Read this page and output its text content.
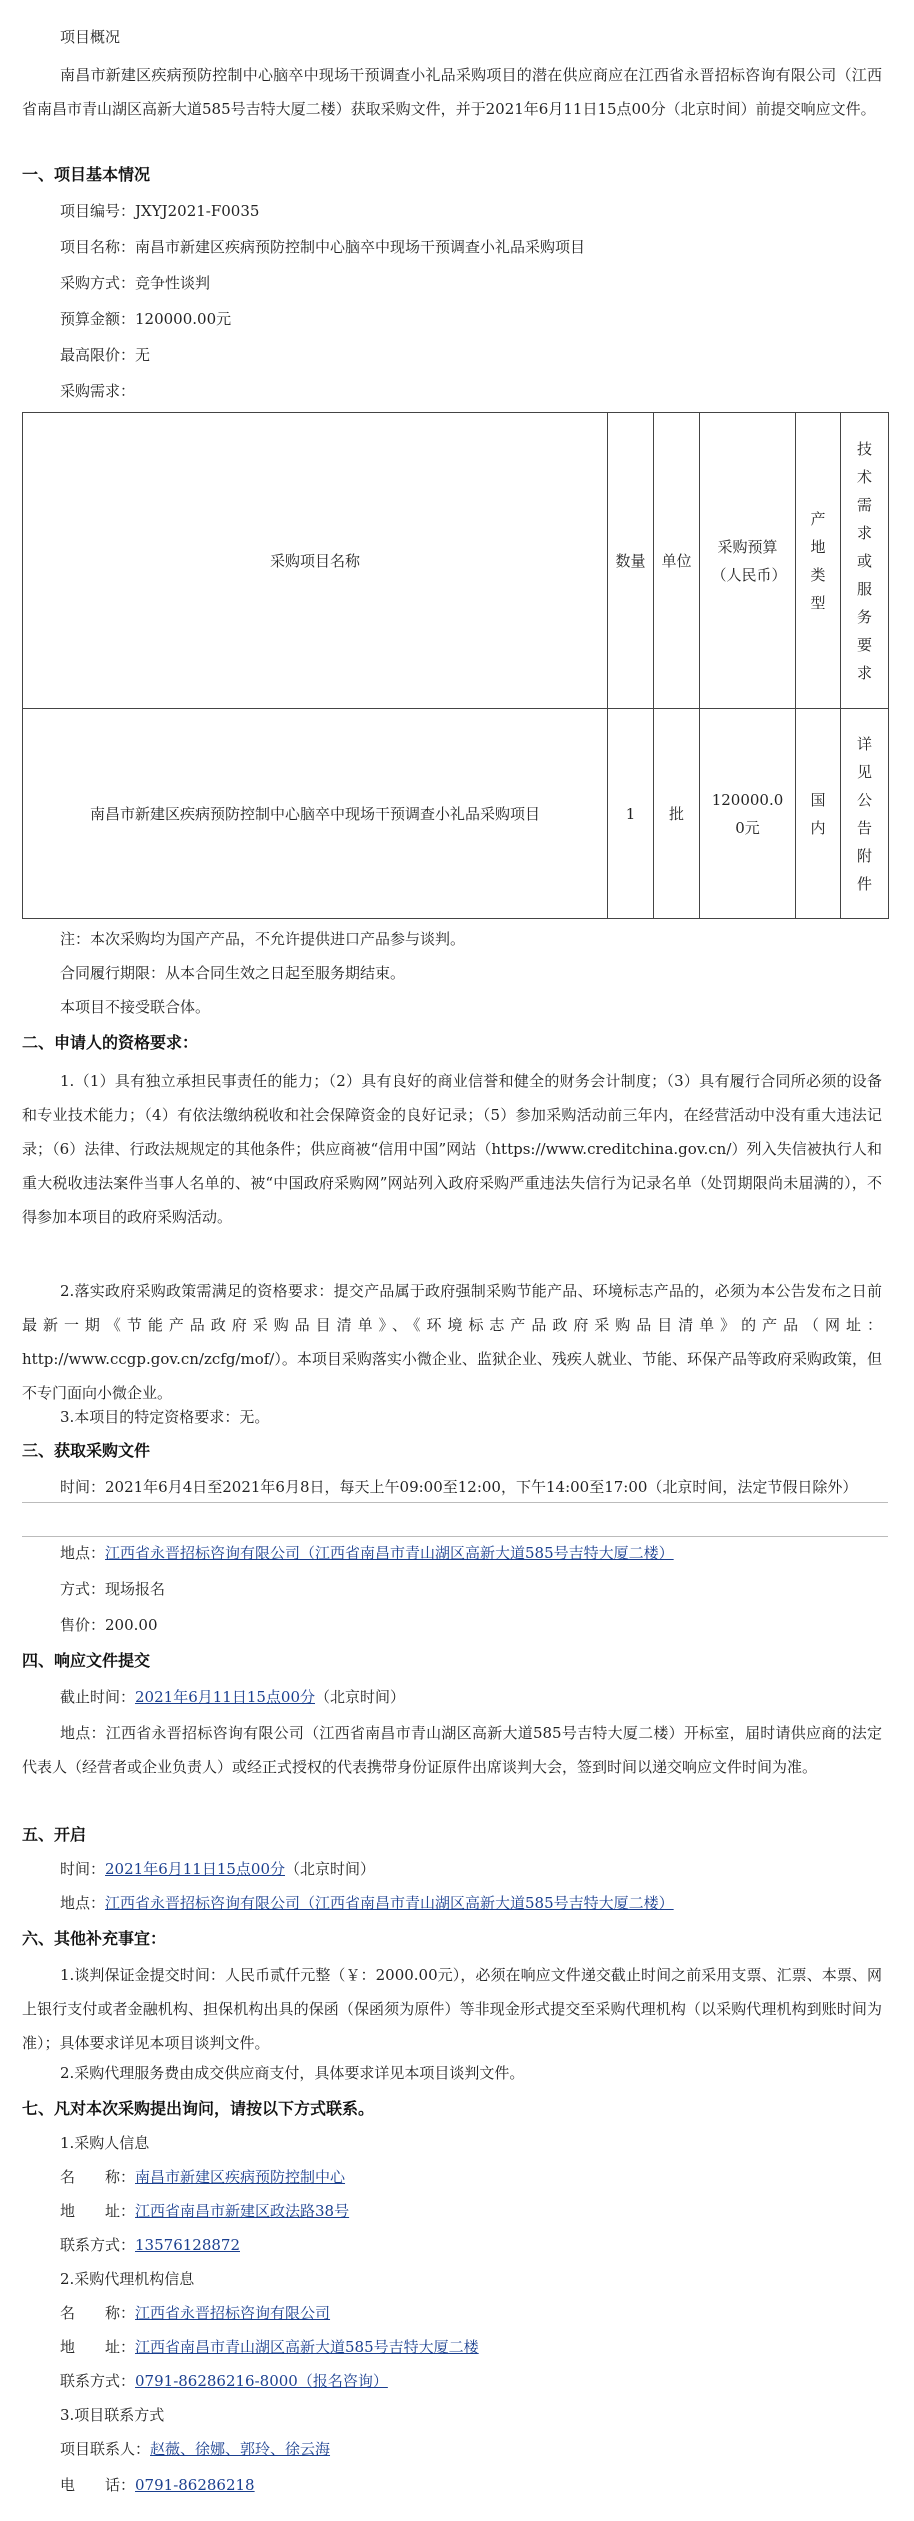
项目概况
南昌市新建区疾病预防控制中心脑卒中现场干预调查小礼品采购项目的潜在供应商应在江西省永晋招标咨询有限公司（江西省南昌市青山湖区高新大道585号吉特大厦二楼）获取采购文件，并于2021年6月11日15点00分（北京时间）前提交响应文件。
一、项目基本情况
项目编号：JXYJ2021-F0035
项目名称：南昌市新建区疾病预防控制中心脑卒中现场干预调查小礼品采购项目
采购方式：竞争性谈判
预算金额：120000.00元
最高限价：无
采购需求：
采购项目名称	数量	单位	采购预算（人民币）	产地类型	技术需求或服务要求

南昌市新建区疾病预防控制中心脑卒中现场干预调查小礼品采购项目	1	批	120000.00元	国内	详见公告附件
注：本次采购均为国产产品，不允许提供进口产品参与谈判。
合同履行期限：从本合同生效之日起至服务期结束。
本项目不接受联合体。
二、申请人的资格要求：
1.（1）具有独立承担民事责任的能力；（2）具有良好的商业信誉和健全的财务会计制度；（3）具有履行合同所必须的设备和专业技术能力；（4）有依法缴纳税收和社会保障资金的良好记录；（5）参加采购活动前三年内，在经营活动中没有重大违法记录；（6）法律、行政法规规定的其他条件；供应商被“信用中国”网站（https://www.creditchina.gov.cn/）列入失信被执行人和重大税收违法案件当事人名单的、被“中国政府采购网”网站列入政府采购严重违法失信行为记录名单（处罚期限尚未届满的），不得参加本项目的政府采购活动。
2.落实政府采购政策需满足的资格要求：提交产品属于政府强制采购节能产品、环境标志产品的，必须为本公告发布之日前最新一期《节能产品政府采购品目清单》、《环境标志产品政府采购品目清单》的产品（网址：http://www.ccgp.gov.cn/zcfg/mof/）。本项目采购落实小微企业、监狱企业、残疾人就业、节能、环保产品等政府采购政策，但不专门面向小微企业。
3.本项目的特定资格要求：无。
三、获取采购文件
时间：2021年6月4日至2021年6月8日，每天上午09:00至12:00，下午14:00至17:00（北京时间，法定节假日除外）
地点：江西省永晋招标咨询有限公司（江西省南昌市青山湖区高新大道585号吉特大厦二楼）
方式：现场报名
售价：200.00
四、响应文件提交
截止时间：2021年6月11日15点00分（北京时间）
地点：江西省永晋招标咨询有限公司（江西省南昌市青山湖区高新大道585号吉特大厦二楼）开标室，届时请供应商的法定代表人（经营者或企业负责人）或经正式授权的代表携带身份证原件出席谈判大会，签到时间以递交响应文件时间为准。
五、开启
时间：2021年6月11日15点00分（北京时间）
地点：江西省永晋招标咨询有限公司（江西省南昌市青山湖区高新大道585号吉特大厦二楼）
六、其他补充事宜：
1.谈判保证金提交时间：人民币贰仟元整（￥：2000.00元），必须在响应文件递交截止时间之前采用支票、汇票、本票、网上银行支付或者金融机构、担保机构出具的保函（保函须为原件）等非现金形式提交至采购代理机构（以采购代理机构到账时间为准）；具体要求详见本项目谈判文件。
2.采购代理服务费由成交供应商支付，具体要求详见本项目谈判文件。
七、凡对本次采购提出询问，请按以下方式联系。
1.采购人信息
名　　称：南昌市新建区疾病预防控制中心
地　　址：江西省南昌市新建区政法路38号
联系方式：13576128872
2.采购代理机构信息
名　　称：江西省永晋招标咨询有限公司
地　　址：江西省南昌市青山湖区高新大道585号吉特大厦二楼
联系方式：0791-86286216-8000（报名咨询）
3.项目联系方式
项目联系人：赵薇、徐娜、郭玲、徐云海
电　　话：0791-86286218
